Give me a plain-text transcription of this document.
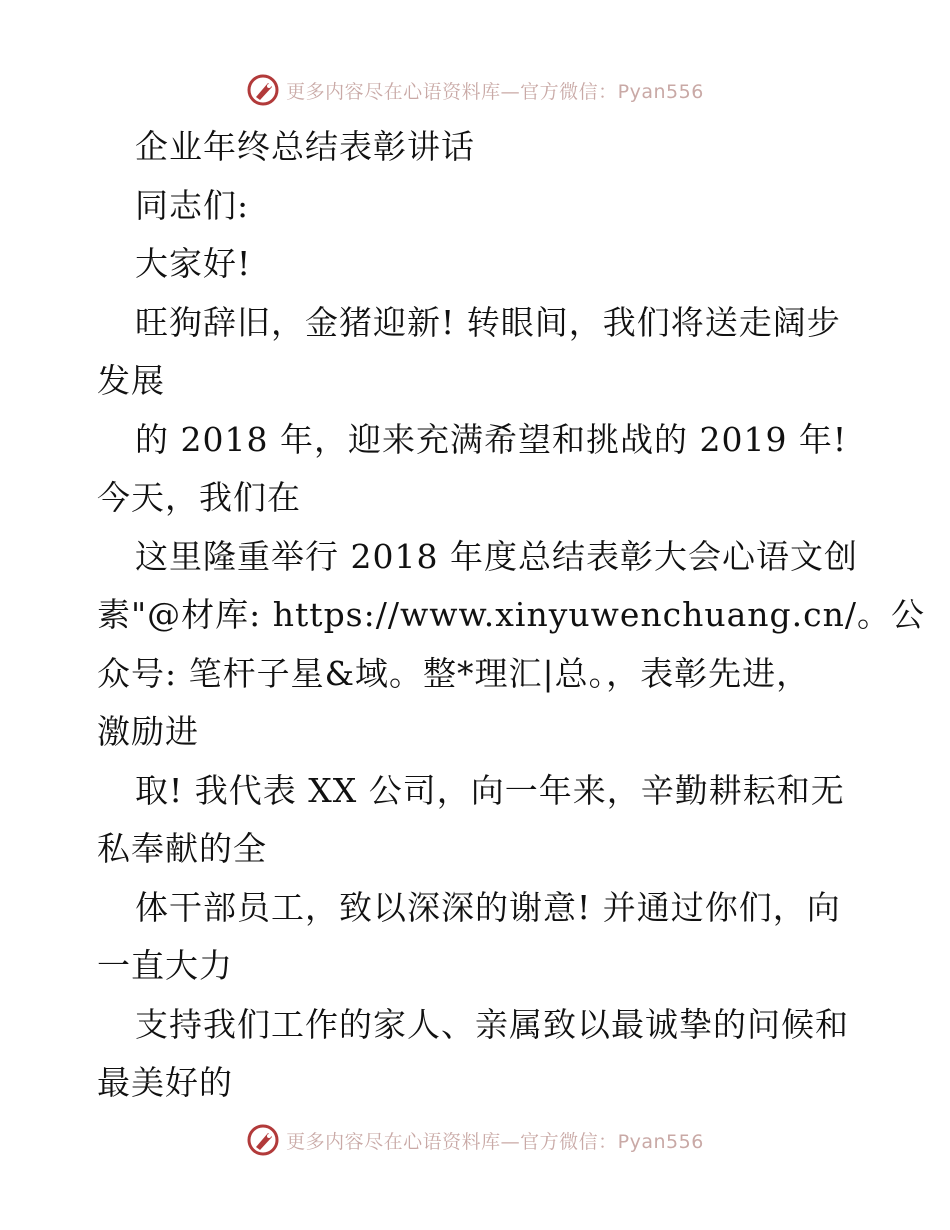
更多内容尽在心语资料库—官方微信：Pyan556
企业年终总结表彰讲话
同志们:
大家好!
旺狗辞旧，金猪迎新! 转眼间，我们将送走阔步
发展
的 2018 年，迎来充满希望和挑战的 2019 年!
今天，我们在
这里隆重举行 2018 年度总结表彰大会心语文创
素"@材库: https://www.xinyuwenchuang.cn/。公
众号: 笔杆子星&域。整*理汇|总。，表彰先进，
激励进
取! 我代表 XX 公司，向一年来，辛勤耕耘和无
私奉献的全
体干部员工，致以深深的谢意! 并通过你们，向
一直大力
支持我们工作的家人、亲属致以最诚挚的问候和
最美好的
更多内容尽在心语资料库—官方微信：Pyan556
